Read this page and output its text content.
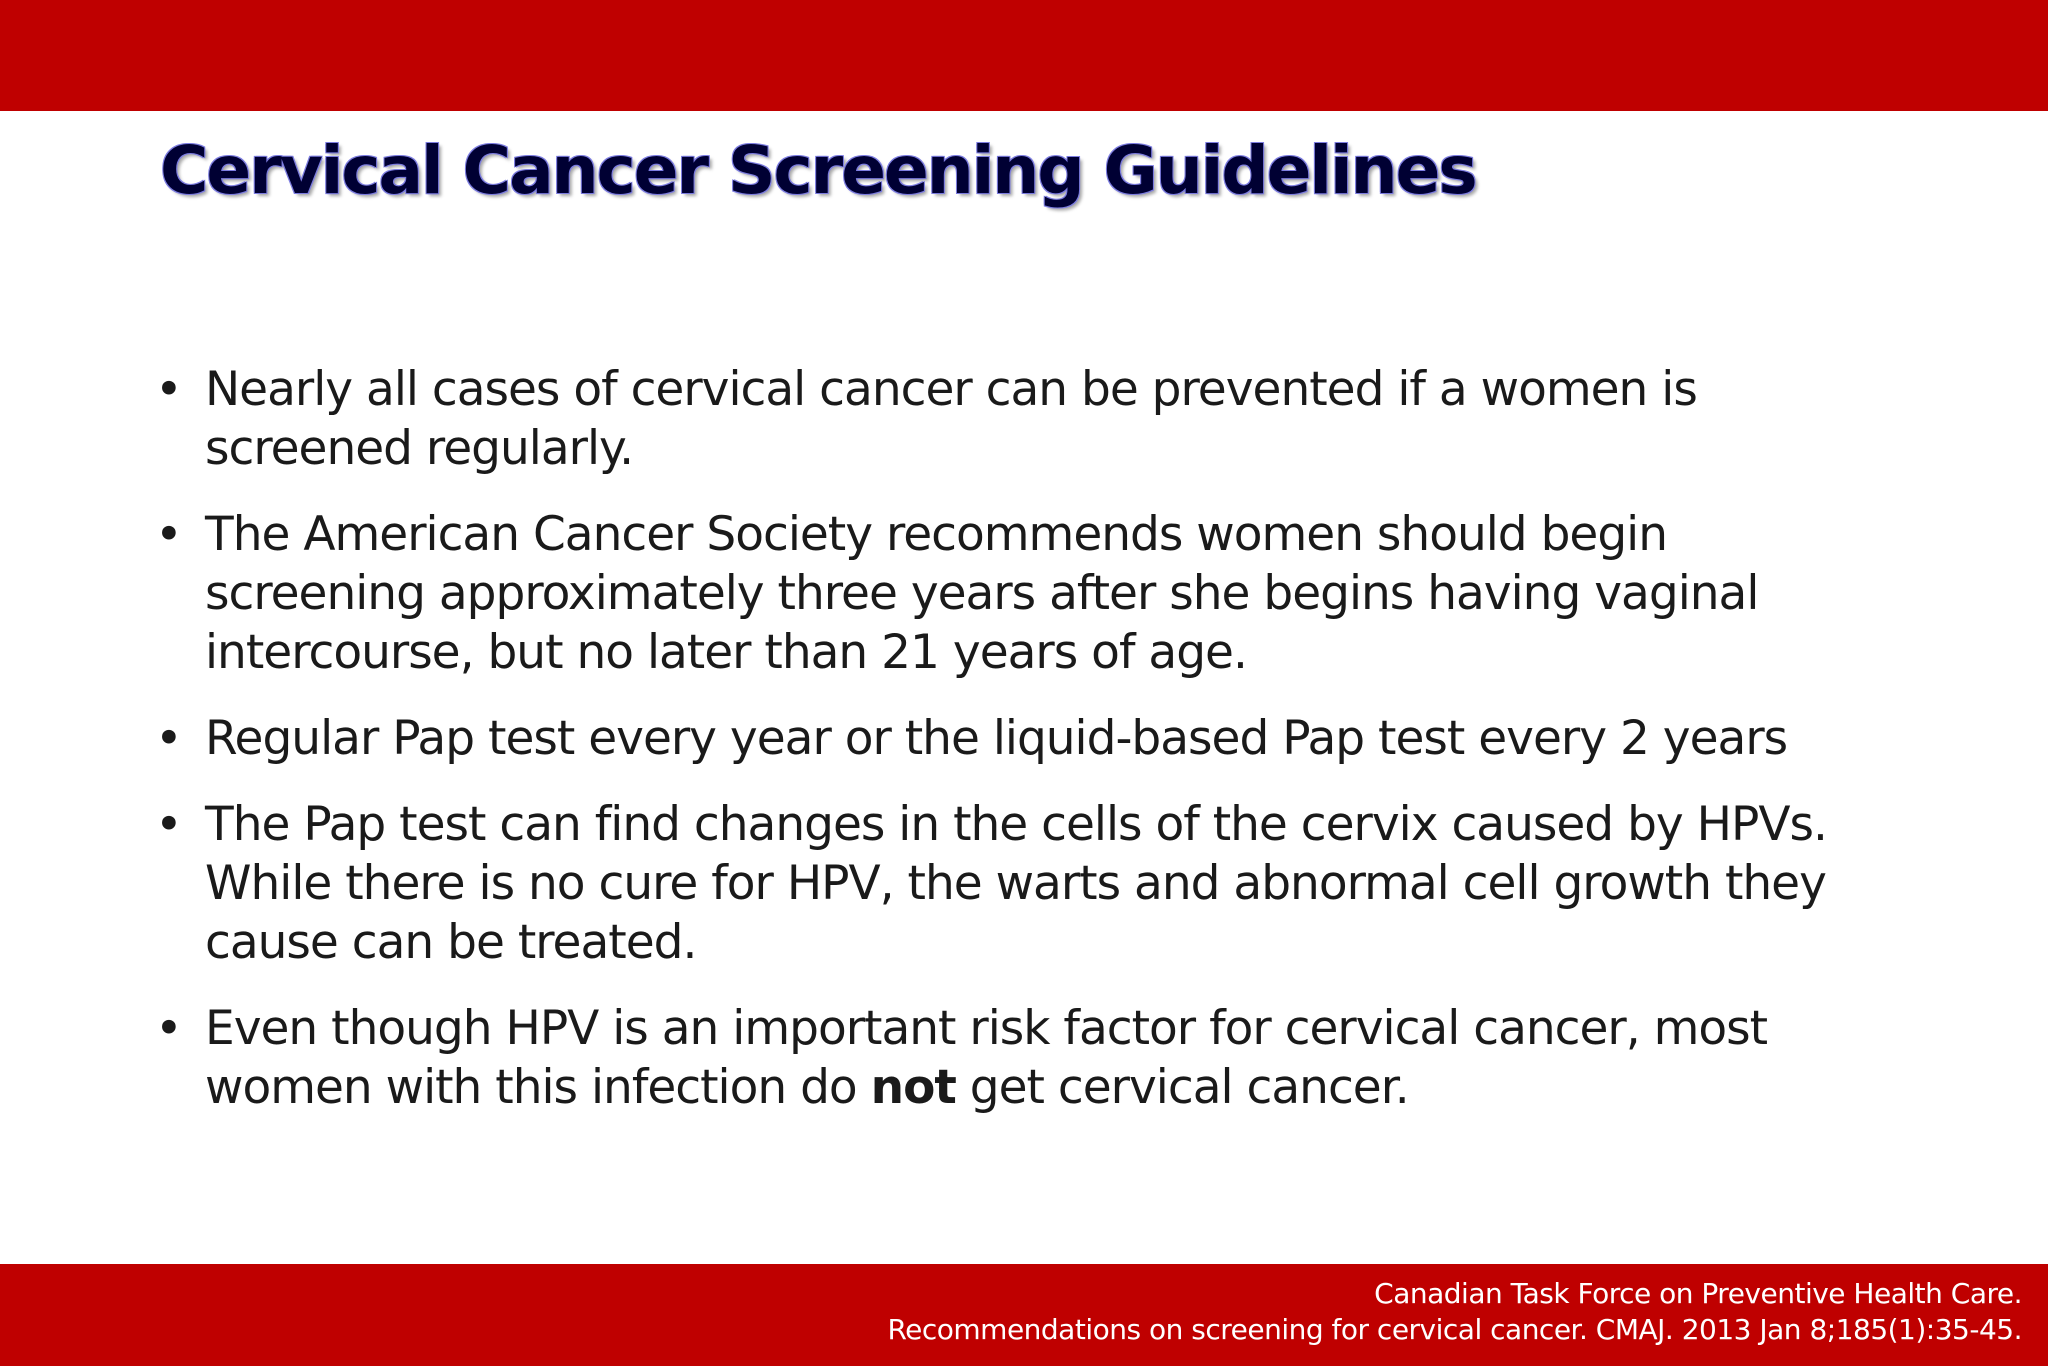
Cervical Cancer Screening Guidelines
• Nearly all cases of cervical cancer can be prevented if a women is screened regularly.
• The American Cancer Society recommends women should begin screening approximately three years after she begins having vaginal intercourse, but no later than 21 years of age.
• Regular Pap test every year or the liquid-based Pap test every 2 years
• The Pap test can find changes in the cells of the cervix caused by HPVs. While there is no cure for HPV, the warts and abnormal cell growth they cause can be treated.
• Even though HPV is an important risk factor for cervical cancer, most women with this infection do not get cervical cancer.

Canadian Task Force on Preventive Health Care.
Recommendations on screening for cervical cancer. CMAJ. 2013 Jan 8;185(1):35-45.
